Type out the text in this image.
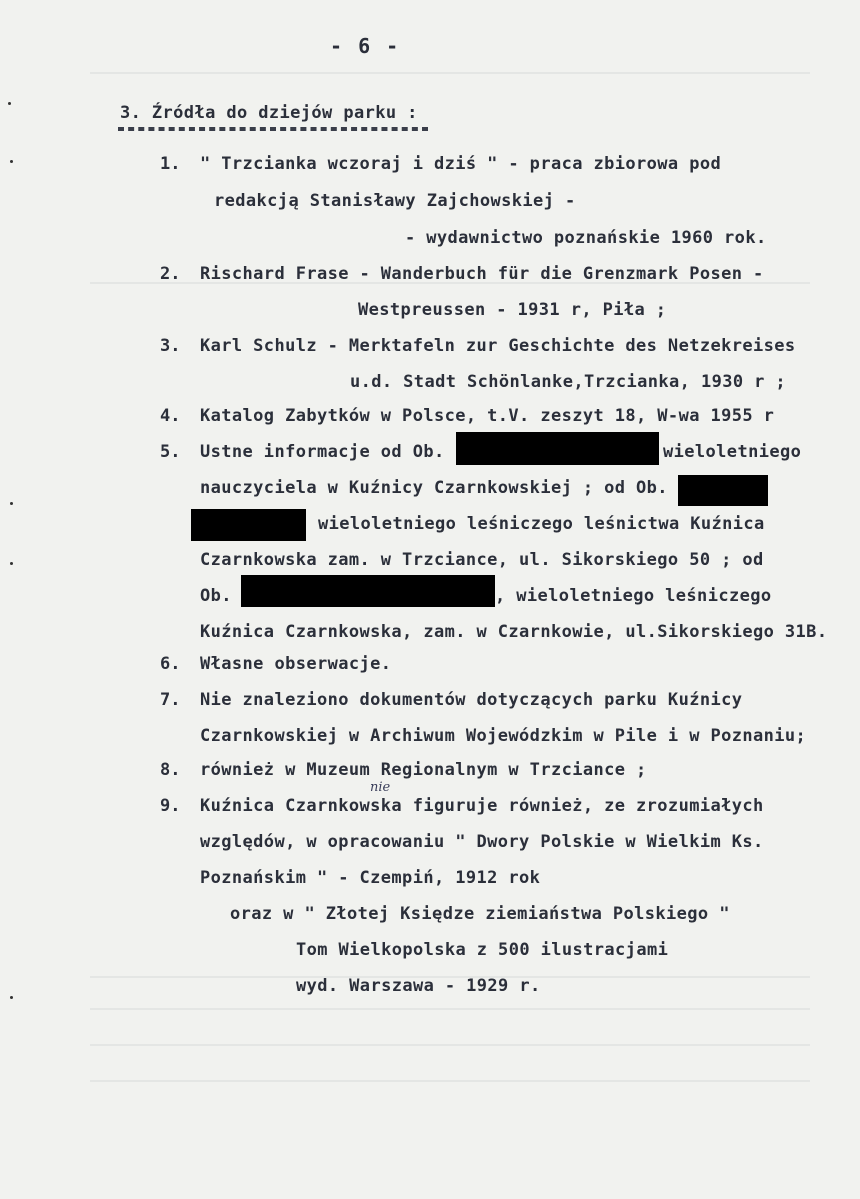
- 6 -
3. Źródła do dziejów parku :
1.
2.
3.
4.
5.
6.
7.
8.
9.
" Trzcianka wczoraj i dziś " - praca zbiorowa pod
redakcją Stanisławy Zajchowskiej -
- wydawnictwo poznańskie 1960 rok.
Rischard Frase - Wanderbuch für die Grenzmark Posen -
Westpreussen - 1931 r, Piła ;
Karl Schulz - Merktafeln zur Geschichte des Netzekreises
u.d. Stadt Schönlanke,Trzcianka, 1930 r ;
Katalog Zabytków w Polsce, t.V. zeszyt 18, W-wa 1955 r
Ustne informacje od Ob.	wieloletniego
nauczyciela w Kuźnicy Czarnkowskiej ; od Ob.
wieloletniego leśniczego leśnictwa Kuźnica
Czarnkowska zam. w Trzciance, ul. Sikorskiego 50 ; od
Ob.	, wieloletniego leśniczego
Kuźnica Czarnkowska, zam. w Czarnkowie, ul.Sikorskiego 31B.
Własne obserwacje.
Nie znaleziono dokumentów dotyczących parku Kuźnicy
Czarnkowskiej w Archiwum Wojewódzkim w Pile i w Poznaniu;
również w Muzeum Regionalnym w Trzciance ;
nie
Kuźnica Czarnkowska figuruje również, ze zrozumiałych
względów, w opracowaniu " Dwory Polskie w Wielkim Ks.
Poznańskim " - Czempiń, 1912 rok
oraz w " Złotej Księdze ziemiaństwa Polskiego "
Tom Wielkopolska z 500 ilustracjami
wyd. Warszawa - 1929 r.
